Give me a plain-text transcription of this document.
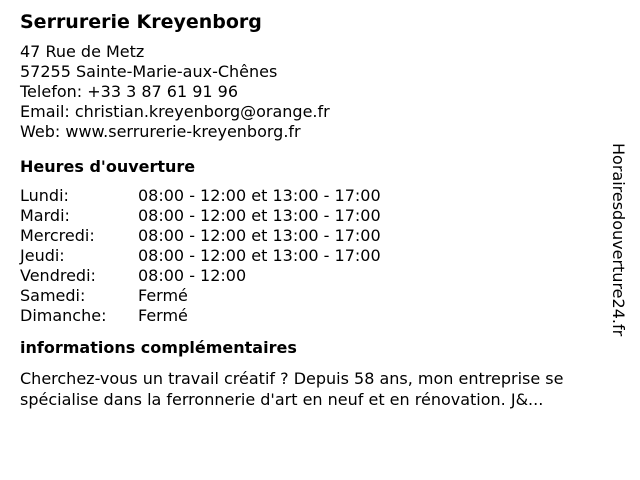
Serrurerie Kreyenborg
47 Rue de Metz
57255 Sainte-Marie-aux-Chênes
Telefon: +33 3 87 61 91 96
Email: christian.kreyenborg@orange.fr
Web: www.serrurerie-kreyenborg.fr
Heures d'ouverture
Lundi:	08:00 - 12:00 et 13:00 - 17:00
Mardi:	08:00 - 12:00 et 13:00 - 17:00
Mercredi:	08:00 - 12:00 et 13:00 - 17:00
Jeudi:	08:00 - 12:00 et 13:00 - 17:00
Vendredi:	08:00 - 12:00
Samedi:	Fermé
Dimanche:	Fermé
informations complémentaires
Cherchez-vous un travail créatif ? Depuis 58 ans, mon entreprise se spécialise dans la ferronnerie d'art en neuf et en rénovation. J&...
Horairesdouverture24.fr
